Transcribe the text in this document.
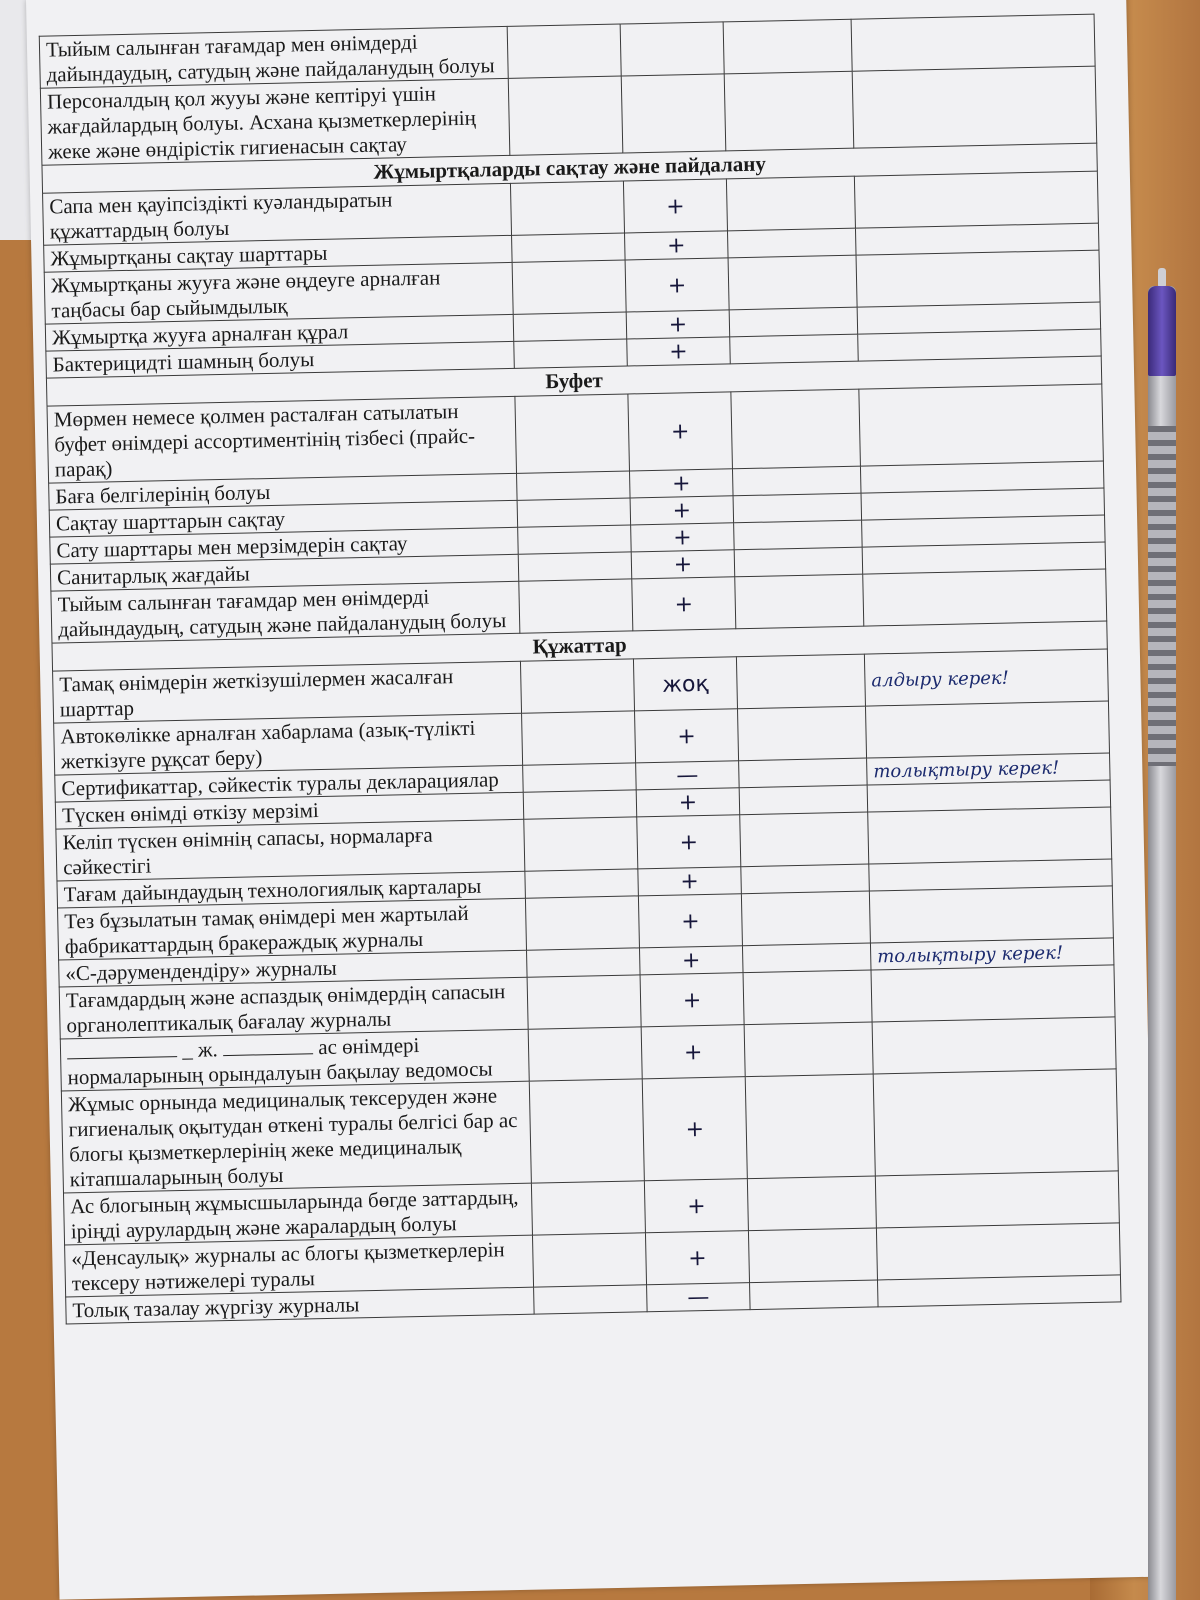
Тыйым салынған тағамдар мен өнімдерді дайындаудың, сатудың және пайдаланудың болуы				
Персоналдың қол жууы және кептіруі үшін жағдайлардың болуы. Асхана қызметкерлерінің жеке және өндірістік гигиенасын сақтау				
Жұмыртқаларды сақтау және пайдалану				
Сапа мен қауіпсіздікті куәландыратын құжаттардың болуы		+		
Жұмыртқаны сақтау шарттары		+		
Жұмыртқаны жууға және өңдеуге арналған таңбасы бар сыйымдылық		+		
Жұмыртқа жууға арналған құрал		+		
Бактерицидті шамның болуы		+		
Буфет				
Мөрмен немесе қолмен расталған сатылатын буфет өнімдері ассортиментінің тізбесі (прайс-парақ)		+		
Баға белгілерінің болуы		+		
Сақтау шарттарын сақтау		+		
Сату шарттары мен мерзімдерін сақтау		+		
Санитарлық жағдайы		+		
Тыйым салынған тағамдар мен өнімдерді дайындаудың, сатудың және пайдаланудың болуы		+		
Құжаттар				
Тамақ өнімдерін жеткізушілермен жасалған шарттар		жоқ		алдыру керек!
Автокөлікке арналған хабарлама (азық-түлікті жеткізуге рұқсат беру)		+		
Сертификаттар, сәйкестік туралы декларациялар		—		толықтыру керек!
Түскен өнімді өткізу мерзімі		+		
Келіп түскен өнімнің сапасы, нормаларға сәйкестігі		+		
Тағам дайындаудың технологиялық карталары		+		
Тез бұзылатын тамақ өнімдері мен жартылай фабрикаттардың бракераждық журналы		+		
«С-дәрумендендіру» журналы		+		толықтыру керек!
Тағамдардың және аспаздық өнімдердің сапасын органолептикалық бағалау журналы		+		
_ ж. ас өнімдері нормаларының орындалуын бақылау ведомосы		+		
Жұмыс орнында медициналық тексеруден және гигиеналық оқытудан өткені туралы белгісі бар ас блогы қызметкерлерінің жеке медициналық кітапшаларының болуы		+		
Ас блогының жұмысшыларында бөгде заттардың, іріңді аурулардың және жаралардың болуы		+		
«Денсаулық» журналы ас блогы қызметкерлерін тексеру нәтижелері туралы		+		
Толық тазалау жүргізу журналы		—		
